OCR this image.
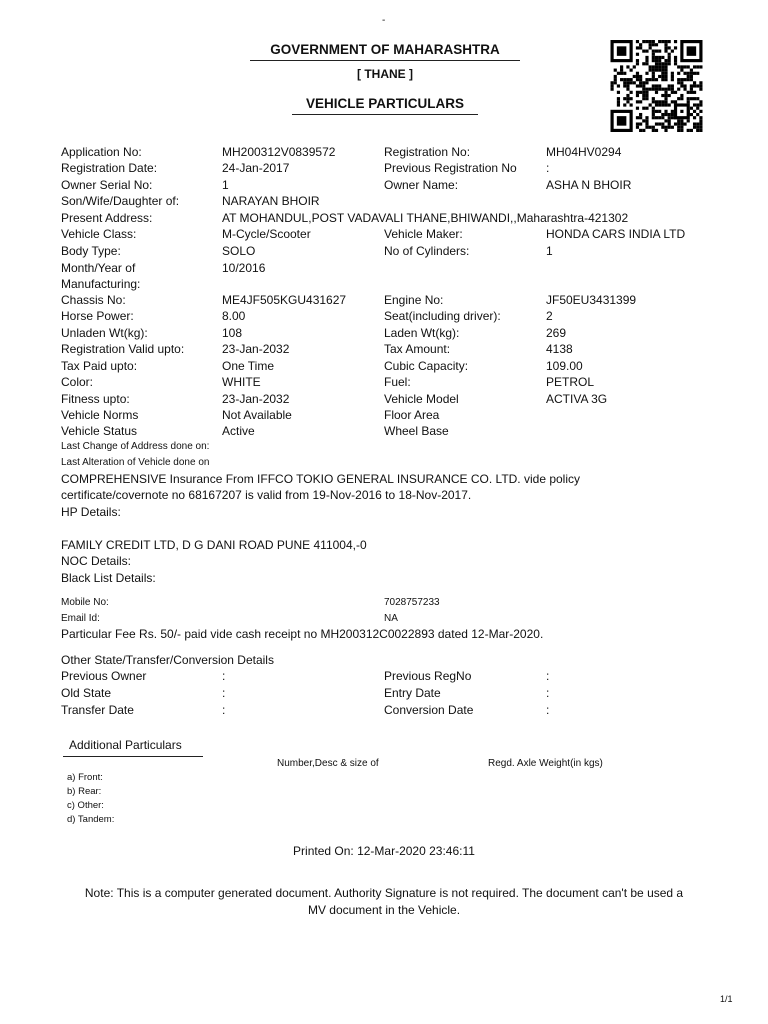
-
GOVERNMENT OF MAHARASHTRA
[ THANE ]
VEHICLE PARTICULARS
Application No:	MH200312V0839572	Registration No:	MH04HV0294
Registration Date:	24-Jan-2017	Previous Registration No :
Owner Serial No:	1	Owner Name:	ASHA N BHOIR
Son/Wife/Daughter of:	NARAYAN BHOIR
Present Address:	AT MOHANDUL,POST VADAVALI THANE,BHIWANDI,,Maharashtra-421302
Vehicle Class:	M-Cycle/Scooter	Vehicle Maker:	HONDA CARS INDIA LTD
Body Type:	SOLO	No of Cylinders:	1
Month/Year of
Manufacturing:
10/2016
Chassis No:	ME4JF505KGU431627	Engine No:	JF50EU3431399
Horse Power:	8.00	Seat(including driver):	2
Unladen Wt(kg):	108	Laden Wt(kg):	269
Registration Valid upto:	23-Jan-2032	Tax Amount:	4138
Tax Paid upto:	One Time	Cubic Capacity:	109.00
Color:	WHITE	Fuel:	PETROL
Fitness upto:	23-Jan-2032	Vehicle Model	ACTIVA 3G
Vehicle Norms	Not Available	Floor Area
Vehicle Status	Active	Wheel Base
Last Change of Address done on:
Last Alteration of Vehicle done on
COMPREHENSIVE Insurance From IFFCO TOKIO GENERAL INSURANCE CO. LTD. vide policy
certificate/covernote no 68167207 is valid from 19-Nov-2016 to 18-Nov-2017.
HP Details:
FAMILY CREDIT LTD, D G DANI ROAD PUNE 411004,-0
NOC Details:
Black List Details:
Mobile No:	7028757233
Email Id:	NA
Particular Fee Rs. 50/- paid vide cash receipt no MH200312C0022893 dated 12-Mar-2020.
Other State/Transfer/Conversion Details
Previous Owner	:	Previous RegNo	:
Old State	:	Entry Date	:
Transfer Date	:	Conversion Date	:
Additional Particulars
Number,Desc & size of	Regd. Axle Weight(in kgs)
a) Front:
b) Rear:
c) Other:
d) Tandem:
Printed On: 12-Mar-2020 23:46:11
Note: This is a computer generated document. Authority Signature is not required. The document can't be used a
MV document in the Vehicle.
1/1
